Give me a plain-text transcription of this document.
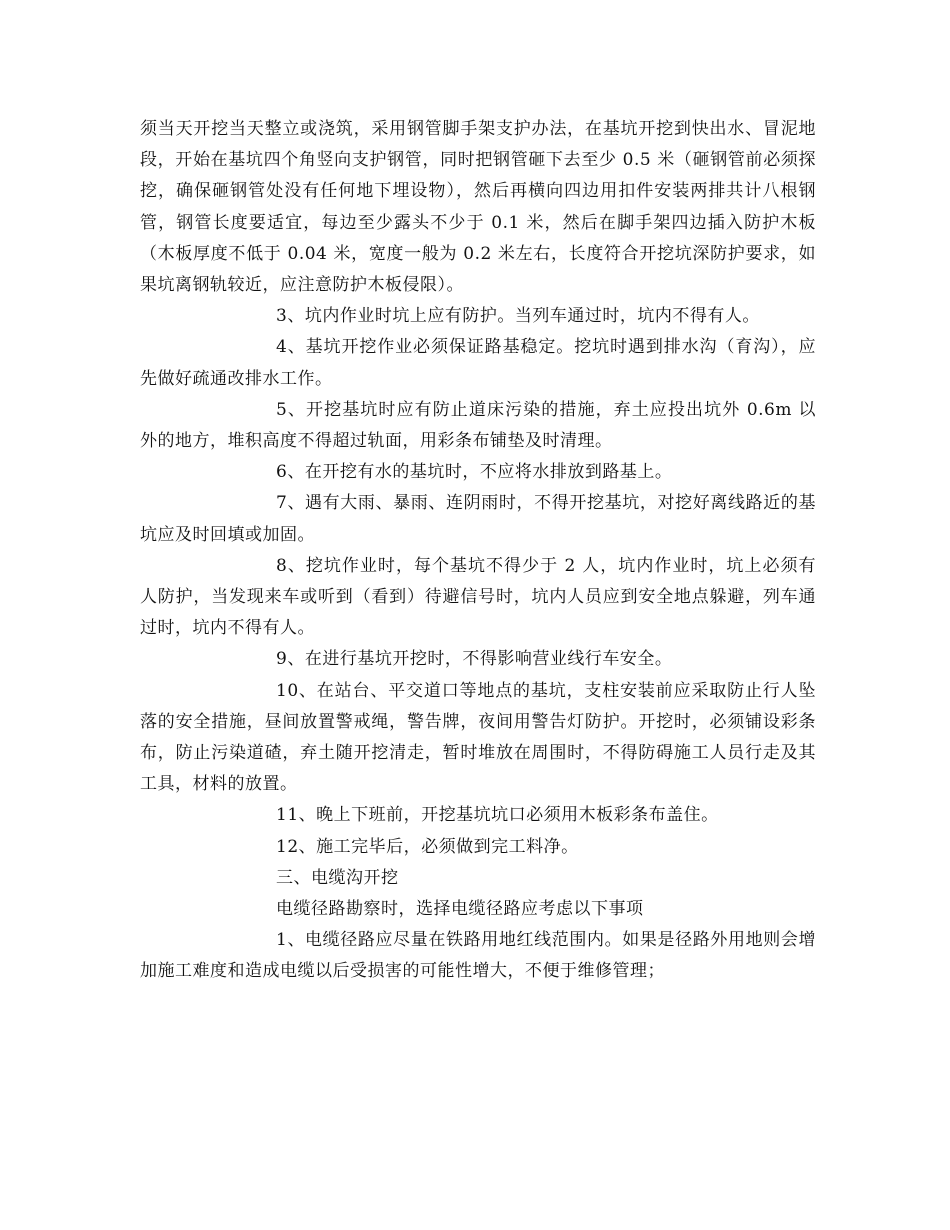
须当天开挖当天整立或浇筑，采用钢管脚手架支护办法，在基坑开挖到快出水、冒泥地段，开始在基坑四个角竖向支护钢管，同时把钢管砸下去至少 0.5 米（砸钢管前必须探挖，确保砸钢管处没有任何地下埋设物），然后再横向四边用扣件安装两排共计八根钢管，钢管长度要适宜，每边至少露头不少于 0.1 米，然后在脚手架四边插入防护木板（木板厚度不低于 0.04 米，宽度一般为 0.2 米左右，长度符合开挖坑深防护要求，如果坑离钢轨较近，应注意防护木板侵限）。

3、坑内作业时坑上应有防护。当列车通过时，坑内不得有人。

4、基坑开挖作业必须保证路基稳定。挖坑时遇到排水沟（育沟），应先做好疏通改排水工作。

5、开挖基坑时应有防止道床污染的措施，弃土应投出坑外 0.6m 以外的地方，堆积高度不得超过轨面，用彩条布铺垫及时清理。

6、在开挖有水的基坑时，不应将水排放到路基上。

7、遇有大雨、暴雨、连阴雨时，不得开挖基坑，对挖好离线路近的基坑应及时回填或加固。

8、挖坑作业时，每个基坑不得少于 2 人，坑内作业时，坑上必须有人防护，当发现来车或听到（看到）待避信号时，坑内人员应到安全地点躲避，列车通过时，坑内不得有人。

9、在进行基坑开挖时，不得影响营业线行车安全。

10、在站台、平交道口等地点的基坑，支柱安装前应采取防止行人坠落的安全措施，昼间放置警戒绳，警告牌，夜间用警告灯防护。开挖时，必须铺设彩条布，防止污染道碴，弃土随开挖清走，暂时堆放在周围时，不得防碍施工人员行走及其工具，材料的放置。

11、晚上下班前，开挖基坑坑口必须用木板彩条布盖住。

12、施工完毕后，必须做到完工料净。

三、电缆沟开挖

电缆径路勘察时，选择电缆径路应考虑以下事项

1、电缆径路应尽量在铁路用地红线范围内。如果是径路外用地则会增加施工难度和造成电缆以后受损害的可能性增大，不便于维修管理；
